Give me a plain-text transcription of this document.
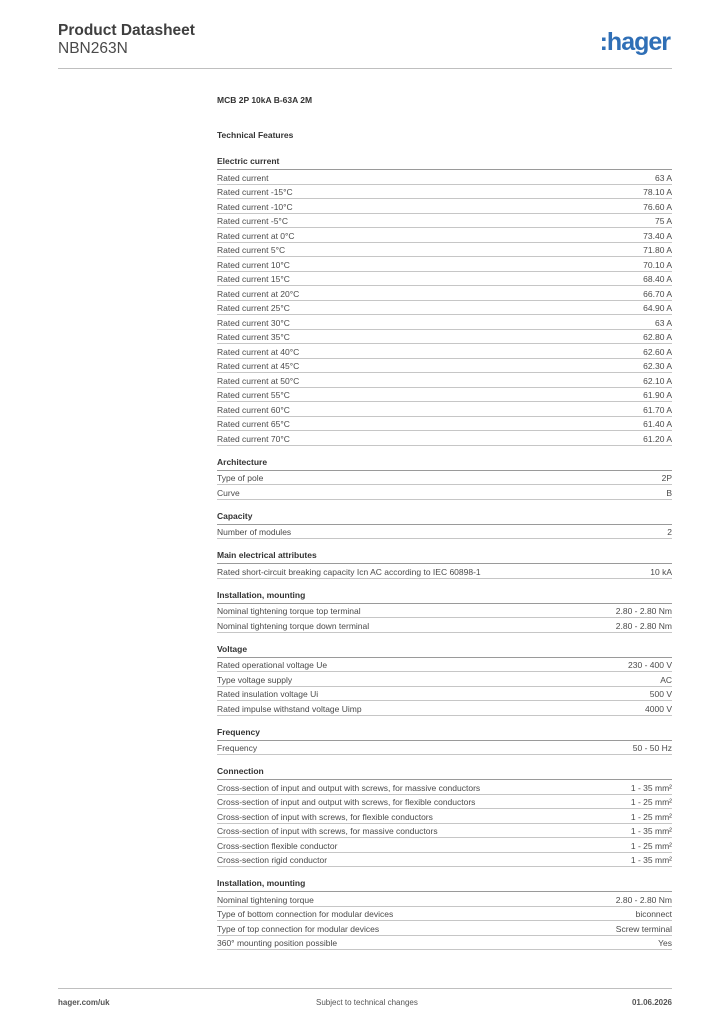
Product Datasheet
NBN263N	:hager
MCB 2P 10kA B-63A 2M
Technical Features
Electric current
Rated current	63 A
Rated current -15°C	78.10 A
Rated current -10°C	76.60 A
Rated current -5°C	75 A
Rated current at 0°C	73.40 A
Rated current 5°C	71.80 A
Rated current 10°C	70.10 A
Rated current 15°C	68.40 A
Rated current at 20°C	66.70 A
Rated current 25°C	64.90 A
Rated current 30°C	63 A
Rated current 35°C	62.80 A
Rated current at 40°C	62.60 A
Rated current at 45°C	62.30 A
Rated current at 50°C	62.10 A
Rated current 55°C	61.90 A
Rated current 60°C	61.70 A
Rated current 65°C	61.40 A
Rated current 70°C	61.20 A
Architecture
Type of pole	2P
Curve	B
Capacity
Number of modules	2
Main electrical attributes
Rated short-circuit breaking capacity Icn AC according to IEC 60898-1	10 kA
Installation, mounting
Nominal tightening torque top terminal	2.80 - 2.80 Nm
Nominal tightening torque down terminal	2.80 - 2.80 Nm
Voltage
Rated operational voltage Ue	230 - 400 V
Type voltage supply	AC
Rated insulation voltage Ui	500 V
Rated impulse withstand voltage Uimp	4000 V
Frequency
Frequency	50 - 50 Hz
Connection
Cross-section of input and output with screws, for massive conductors	1 - 35 mm²
Cross-section of input and output with screws, for flexible conductors	1 - 25 mm²
Cross-section of input with screws, for flexible conductors	1 - 25 mm²
Cross-section of input with screws, for massive conductors	1 - 35 mm²
Cross-section flexible conductor	1 - 25 mm²
Cross-section rigid conductor	1 - 35 mm²
Installation, mounting
Nominal tightening torque	2.80 - 2.80 Nm
Type of bottom connection for modular devices	biconnect
Type of top connection for modular devices	Screw terminal
360° mounting position possible	Yes
hager.com/uk	Subject to technical changes	01.06.2026
